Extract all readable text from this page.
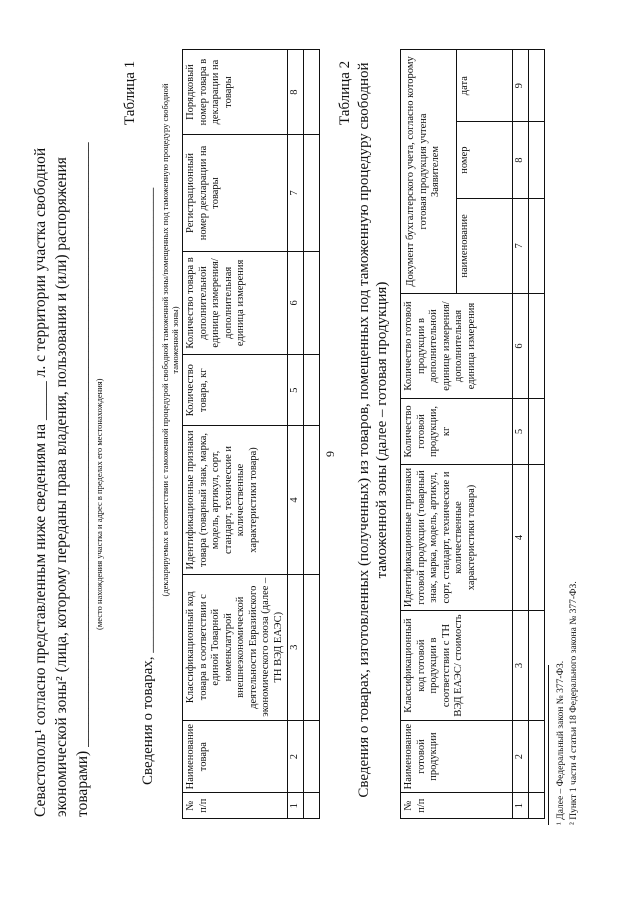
9
Севастополь¹ согласно представленным ниже сведениям на _____ л. с территории участка свободной экономической зоны² (лица, которому переданы права владения, пользования и (или) распоряжения товарами) ______________________________________________________________________________ (место нахождения участка и адрес в пределах его местонахождения)
Таблица 1
Сведения о товарах, ______________________________________________________________ (декларируемых в соответствии с таможенной процедурой свободной таможенной зоны/помещенных под таможенную процедуру свободной таможенной зоны)
№ п/п	Наименование товара	Классификационный код товара в соответствии с единой Товарной номенклатурой внешнеэкономической деятельности Евразийского экономического союза (далее – ТН ВЭД ЕАЭС)	Идентификационные признаки товара (товарный знак, марка, модель, артикул, сорт, стандарт, технические и количественные характеристики товара)	Количество товара, кг	Количество товара в дополнительной единице измерения/ дополнительная единица измерения	Регистрационный номер декларации на товары	Порядковый номер товара в декларации на товары
1	2	3	4	5	6	7	8
							Таблица 2 Сведения о товарах, изготовленных (полученных) из товаров, помещенных под таможенную процедуру свободной таможенной зоны (далее – готовая продукция)
№ п/п	Наименование готовой продукции	Классификационный код готовой продукции в соответствии с ТН ВЭД ЕАЭС/ стоимость	Идентификационные признаки готовой продукции (товарный знак, марка, модель, артикул, сорт, стандарт, технические и количественные характеристики товара)	Количество готовой продукции, кг	Количество готовой продукции в дополнительной единице измерения/ дополнительная единица измерения	Документ бухгалтерского учета, согласно которому готовая продукция учтена Заявителем		

						наименование	номер	дата
1	2	3	4	5	6	7	8	9

¹ Далее – Федеральный закон № 377-ФЗ. ² Пункт 1 части 4 статьи 18 Федерального закона № 377-ФЗ.
